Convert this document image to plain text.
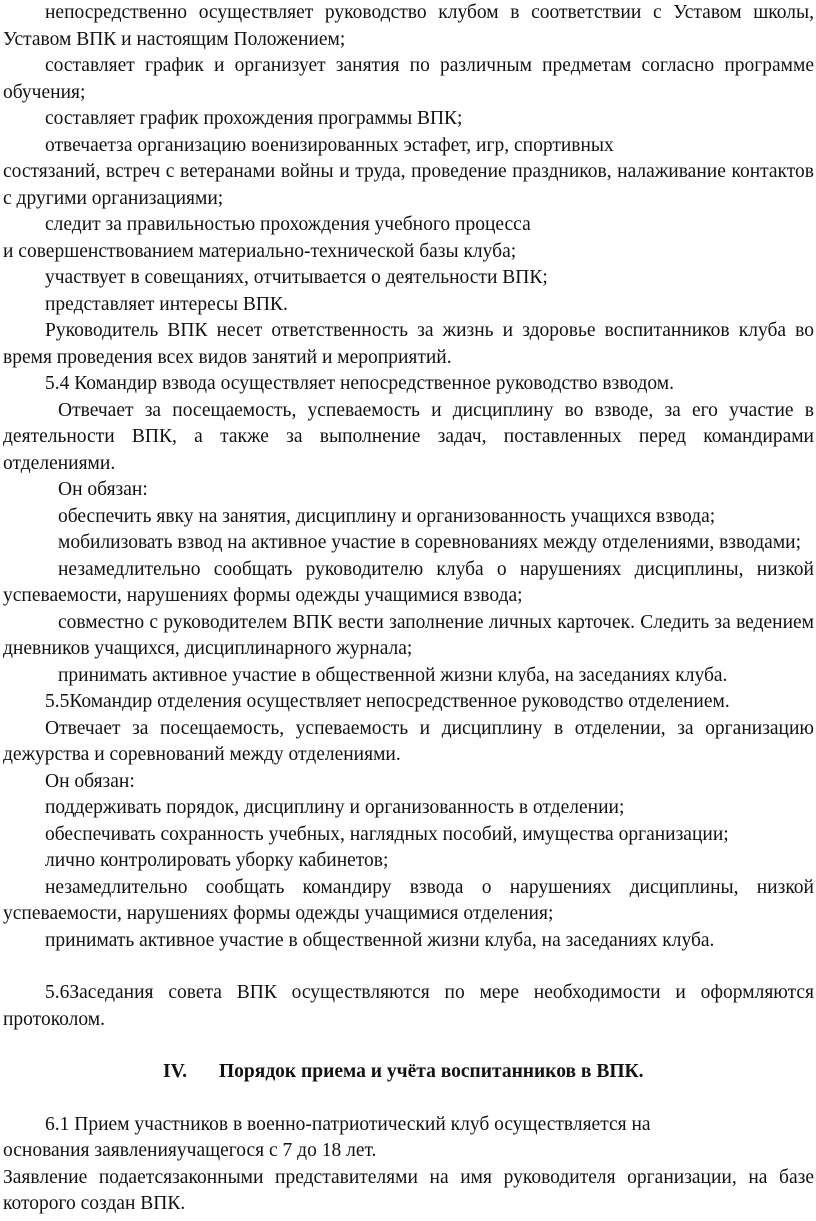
непосредственно осуществляет руководство клубом в соответствии с Уставом школы, Уставом ВПК и настоящим Положением;

составляет график и организует занятия по различным предметам согласно программе обучения;

составляет график прохождения программы ВПК;

отвечаетза организацию военизированных эстафет, игр, спортивных

состязаний, встреч с ветеранами войны и труда, проведение праздников, налаживание контактов с другими организациями;

следит за правильностью прохождения учебного процесса

и совершенствованием материально-технической базы клуба;

участвует в совещаниях, отчитывается о деятельности ВПК;

представляет интересы ВПК.

Руководитель ВПК несет ответственность за жизнь и здоровье воспитанников клуба во время проведения всех видов занятий и мероприятий.

5.4 Командир взвода осуществляет непосредственное руководство взводом.

Отвечает за посещаемость, успеваемость и дисциплину во взводе, за его участие в деятельности ВПК, а также за выполнение задач, поставленных перед командирами отделениями.

Он обязан:

обеспечить явку на занятия, дисциплину и организованность учащихся взвода;

мобилизовать взвод на активное участие в соревнованиях между отделениями, взводами;

незамедлительно сообщать руководителю клуба о нарушениях дисциплины, низкой успеваемости, нарушениях формы одежды учащимися взвода;

совместно с руководителем ВПК вести заполнение личных карточек. Следить за ведением дневников учащихся, дисциплинарного журнала;

принимать активное участие в общественной жизни клуба, на заседаниях клуба.

5.5Командир отделения осуществляет непосредственное руководство отделением.

Отвечает за посещаемость, успеваемость и дисциплину в отделении, за организацию дежурства и соревнований между отделениями.

Он обязан:

поддерживать порядок, дисциплину и организованность в отделении;

обеспечивать сохранность учебных, наглядных пособий, имущества организации;

лично контролировать уборку кабинетов;

незамедлительно сообщать командиру взвода о нарушениях дисциплины, низкой успеваемости, нарушениях формы одежды учащимися отделения;

принимать активное участие в общественной жизни клуба, на заседаниях клуба.

5.6Заседания совета ВПК осуществляются по мере необходимости и оформляются протоколом.

IV. Порядок приема и учёта воспитанников в ВПК.

6.1 Прием участников в военно-патриотический клуб осуществляется на

основания заявленияучащегося с 7 до 18 лет.

Заявление подаетсязаконными представителями на имя руководителя организации, на базе которого создан ВПК.
